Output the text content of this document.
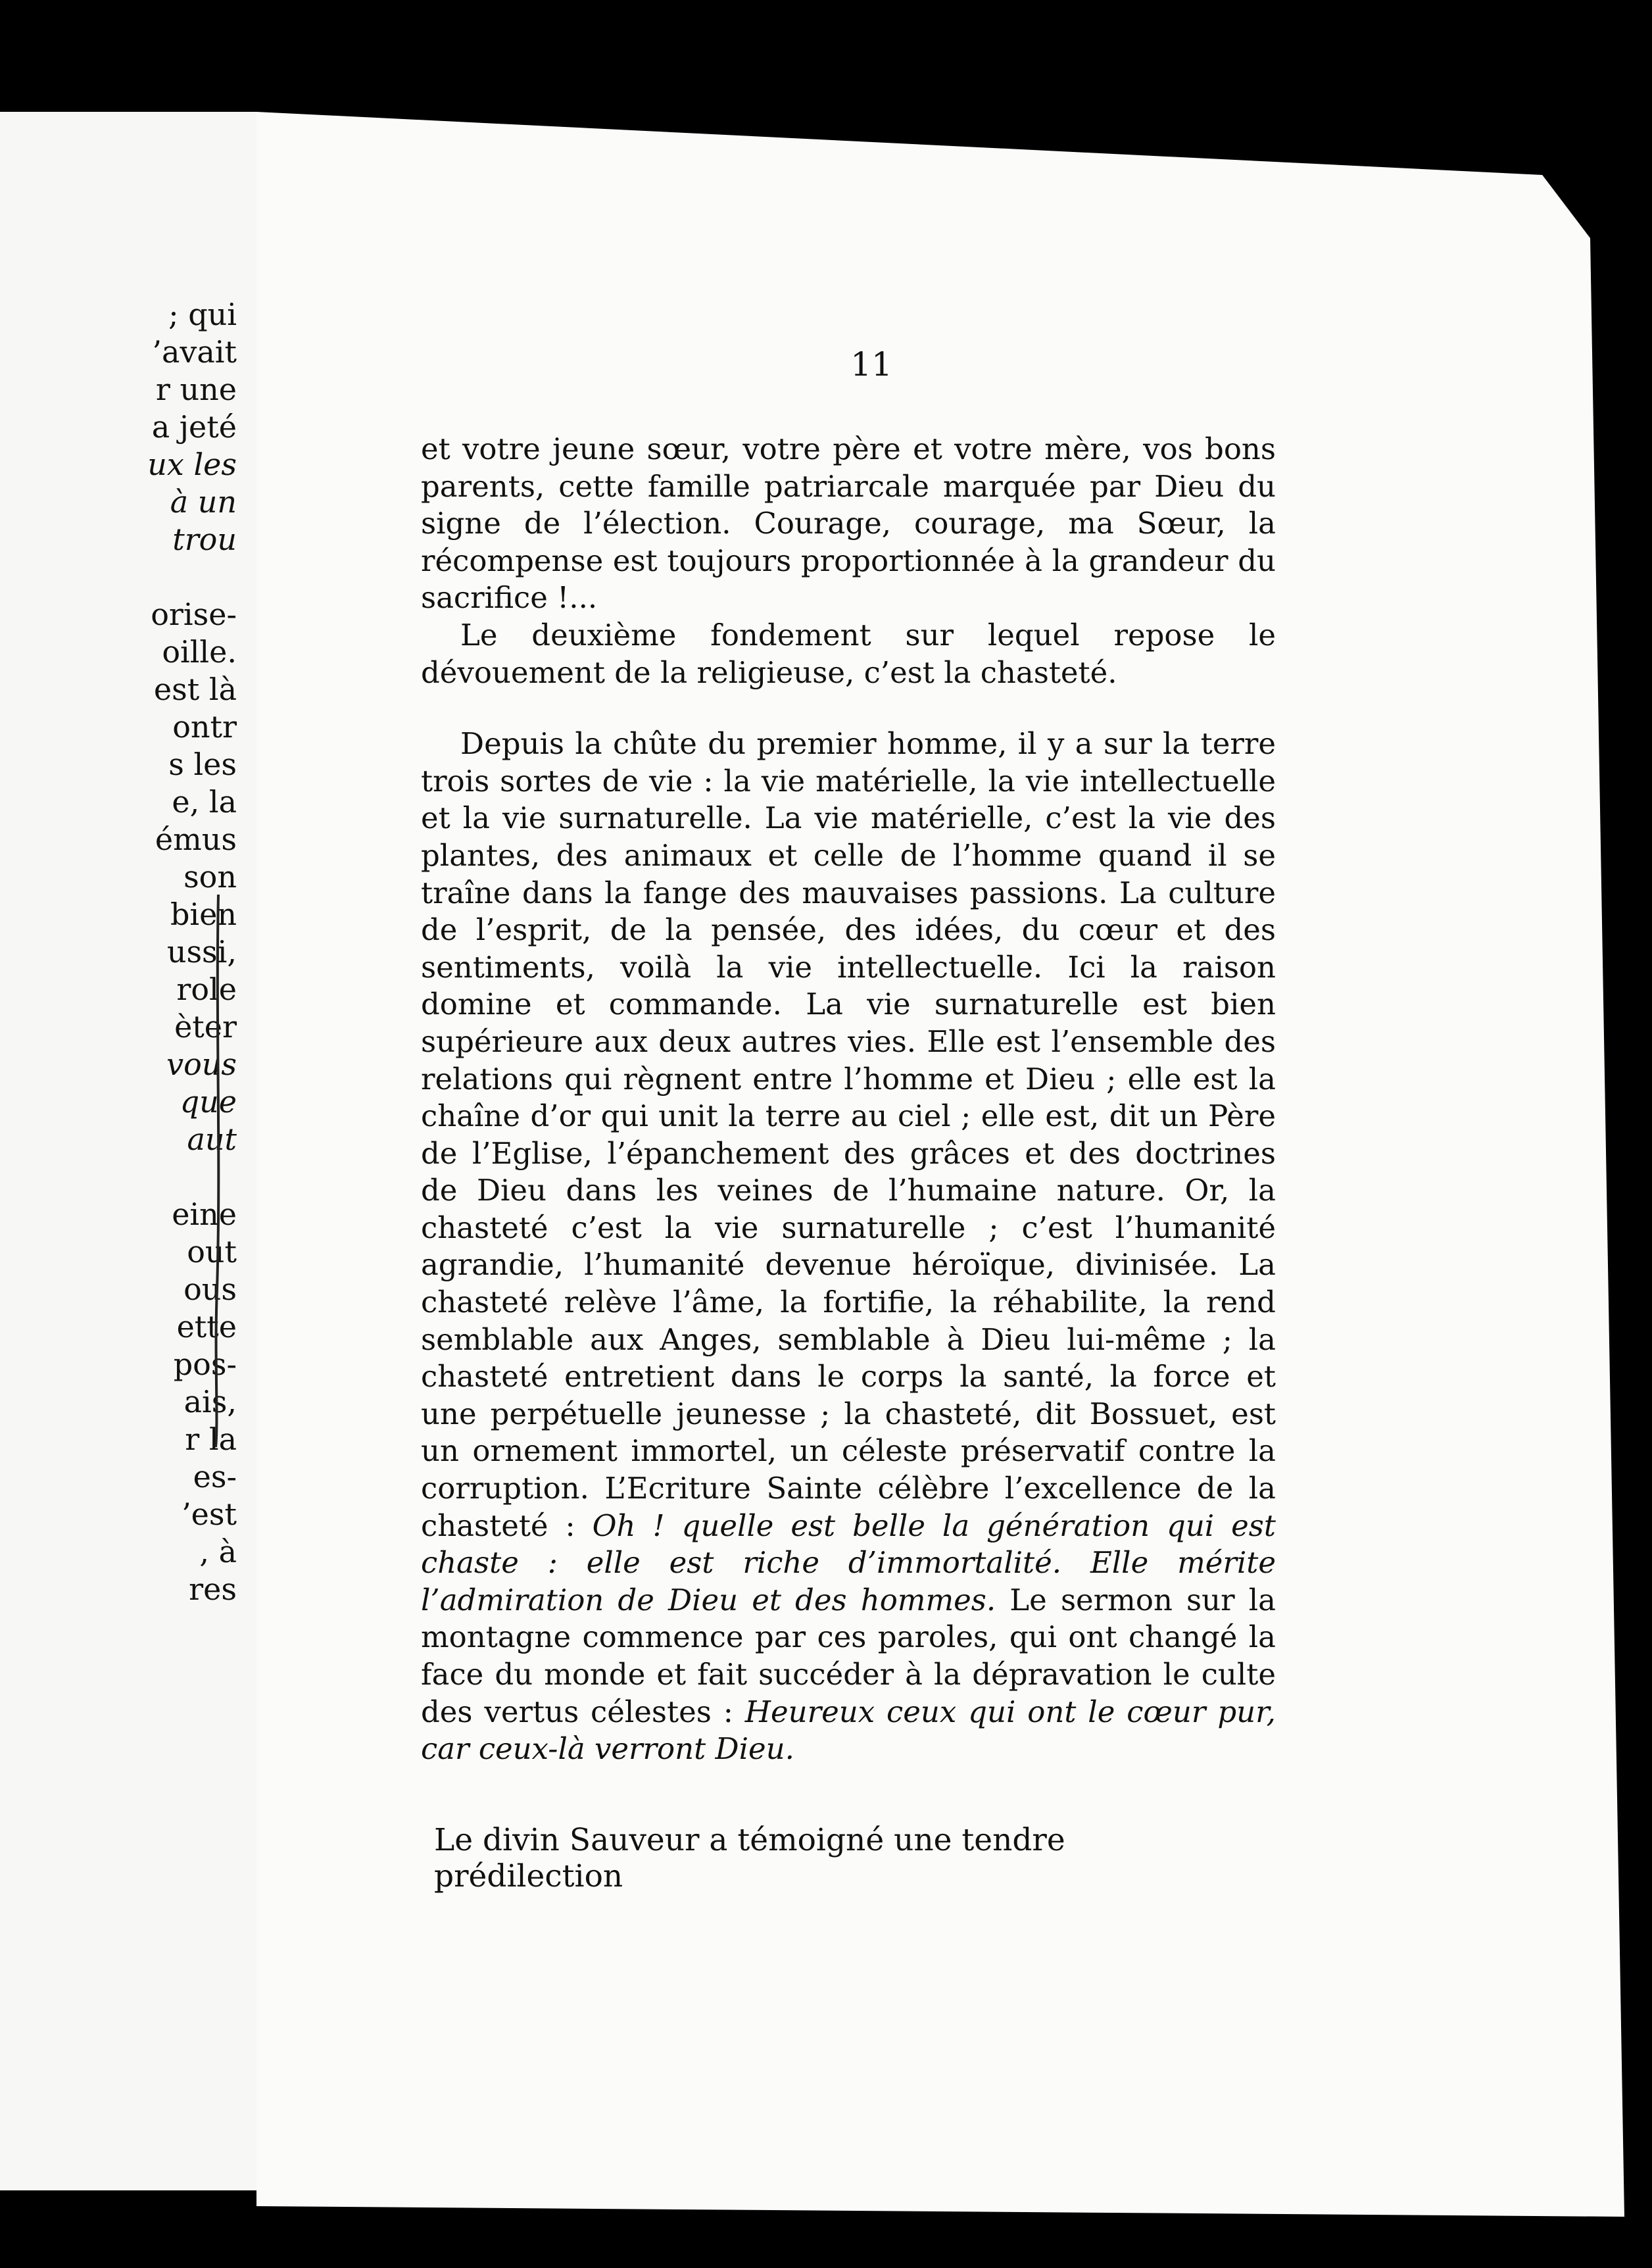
; qui
’avait
r une
a jeté
ux les
à un
trou

orise-
oille.
est là
ontr
s les
e, la
émus
son
bien
ussi,
role
èter
vous
que
aut

eine
out
ous
ette
pos-
ais,
r la
es-
’est
, à
res
11
et votre jeune sœur, votre père et votre mère, vos bons parents, cette famille patriarcale marquée par Dieu du signe de l’élection. Courage, courage, ma Sœur, la récompense est toujours proportionnée à la grandeur du sacrifice !...
Le deuxième fondement sur lequel repose le dévouement de la religieuse, c’est la chasteté.
Depuis la chûte du premier homme, il y a sur la terre trois sortes de vie : la vie matérielle, la vie intellectuelle et la vie surnaturelle. La vie matérielle, c’est la vie des plantes, des animaux et celle de l’homme quand il se traîne dans la fange des mauvaises passions. La culture de l’esprit, de la pensée, des idées, du cœur et des sentiments, voilà la vie intellectuelle. Ici la raison domine et commande. La vie surnaturelle est bien supérieure aux deux autres vies. Elle est l’ensemble des relations qui règnent entre l’homme et Dieu ; elle est la chaîne d’or qui unit la terre au ciel ; elle est, dit un Père de l’Eglise, l’épanchement des grâces et des doctrines de Dieu dans les veines de l’humaine nature. Or, la chasteté c’est la vie surnaturelle ; c’est l’humanité agrandie, l’humanité devenue héroïque, divinisée. La chasteté relève l’âme, la fortifie, la réhabilite, la rend semblable aux Anges, semblable à Dieu lui-même ; la chasteté entretient dans le corps la santé, la force et une perpétuelle jeunesse ; la chasteté, dit Bossuet, est un ornement immortel, un céleste préservatif contre la corruption. L’Ecriture Sainte célèbre l’excellence de la chasteté : Oh ! quelle est belle la génération qui est chaste : elle est riche d’immortalité. Elle mérite l’admiration de Dieu et des hommes. Le sermon sur la montagne commence par ces paroles, qui ont changé la face du monde et fait succéder à la dépravation le culte des vertus célestes : Heureux ceux qui ont le cœur pur, car ceux-là verront Dieu.
Le divin Sauveur a témoigné une tendre prédilection
